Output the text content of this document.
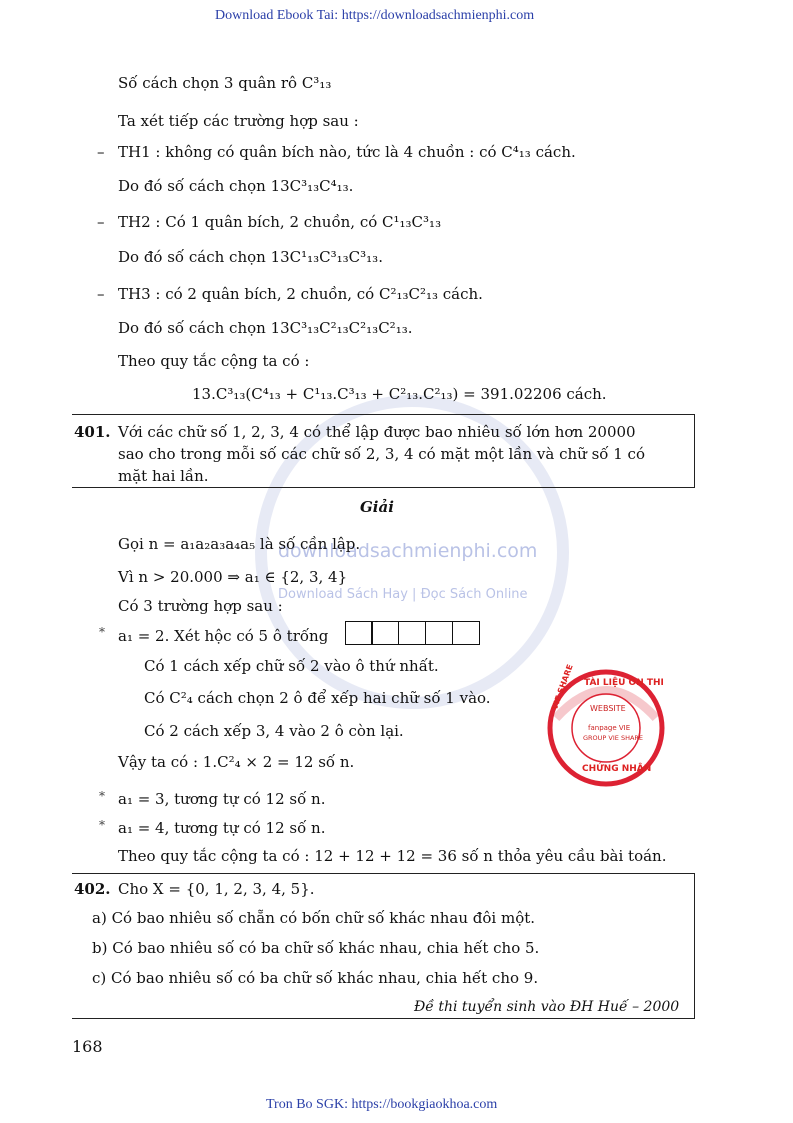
downloadsachmienphi.com
Download Sách Hay | Đọc Sách Online
Download Ebook Tai: https://downloadsachmienphi.com
Số cách chọn 3 quân rô C³₁₃
Ta xét tiếp các trường hợp sau :
– TH1 : không có quân bích nào, tức là 4 chuồn : có C⁴₁₃ cách.
Do đó số cách chọn 13C³₁₃C⁴₁₃.
– TH2 : Có 1 quân bích, 2 chuồn, có C¹₁₃C³₁₃
Do đó số cách chọn 13C¹₁₃C³₁₃C³₁₃.
– TH3 : có 2 quân bích, 2 chuồn, có C²₁₃C²₁₃ cách.
Do đó số cách chọn 13C³₁₃C²₁₃C²₁₃C²₁₃.
Theo quy tắc cộng ta có :
13.C³₁₃(C⁴₁₃ + C¹₁₃.C³₁₃ + C²₁₃.C²₁₃) = 391.02206 cách.
401. Với các chữ số 1, 2, 3, 4 có thể lập được bao nhiêu số lớn hơn 20000
sao cho trong mỗi số các chữ số 2, 3, 4 có mặt một lần và chữ số 1 có
mặt hai lần.
Giải
Gọi n = a₁a₂a₃a₄a₅ là số cần lập.
Vì n > 20.000 ⇒ a₁ ∈ {2, 3, 4}
Có 3 trường hợp sau :
* a₁ = 2. Xét hộc có 5 ô trống
Có 1 cách xếp chữ số 2 vào ô thứ nhất.
Có C²₄ cách chọn 2 ô để xếp hai chữ số 1 vào.
Có 2 cách xếp 3, 4 vào 2 ô còn lại.
Vậy ta có : 1.C²₄ × 2 = 12 số n.
* a₁ = 3, tương tự có 12 số n.
* a₁ = 4, tương tự có 12 số n.
Theo quy tắc cộng ta có : 12 + 12 + 12 = 36 số n thỏa yêu cầu bài toán.
TÀI LIỆU ÔN THI
VIE SHARE WEBSITE
fanpage VIE
GROUP VIE SHARE
CHỨNG NHẬN
402. Cho X = {0, 1, 2, 3, 4, 5}.
a) Có bao nhiêu số chẵn có bốn chữ số khác nhau đôi một.
b) Có bao nhiêu số có ba chữ số khác nhau, chia hết cho 5.
c) Có bao nhiêu số có ba chữ số khác nhau, chia hết cho 9.
Đề thi tuyển sinh vào ĐH Huế – 2000
168
Tron Bo SGK: https://bookgiaokhoa.com
